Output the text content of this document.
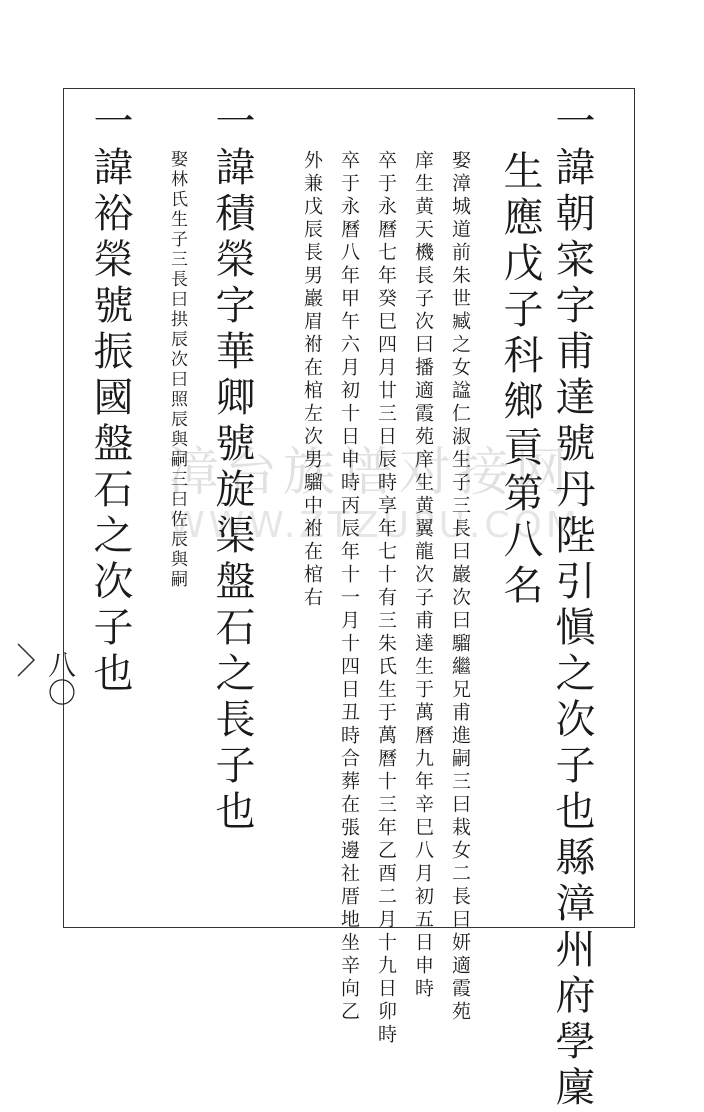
漳台族谱对接网
WWW.ZTZUPU.COM
一諱朝寀字甫達號丹陛引愼之次子也縣漳州府學廩
生應戊子科鄉貢第八名
娶漳城道前朱世臧之女諡仁淑生子三長曰巖次曰騮繼兄甫進嗣三曰栽女二長曰妍適霞苑
庠生黄天機長子次曰播適霞苑庠生黄翼龍次子甫達生于萬曆九年辛巳八月初五日申時
卒于永曆七年癸巳四月廿三日辰時享年七十有三朱氏生于萬曆十三年乙酉二月十九日卯時
卒于永曆八年甲午六月初十日申時丙辰年十一月十四日丑時合葬在張邊社厝地坐辛向乙
外兼戊辰長男巖眉祔在棺左次男騮中祔在棺右
一諱積榮字華卿號旋渠盤石之長子也
娶林氏生子三長曰拱辰次曰照辰與嗣三曰佐辰與嗣
一諱裕榮號振國盤石之次子也
八〇
